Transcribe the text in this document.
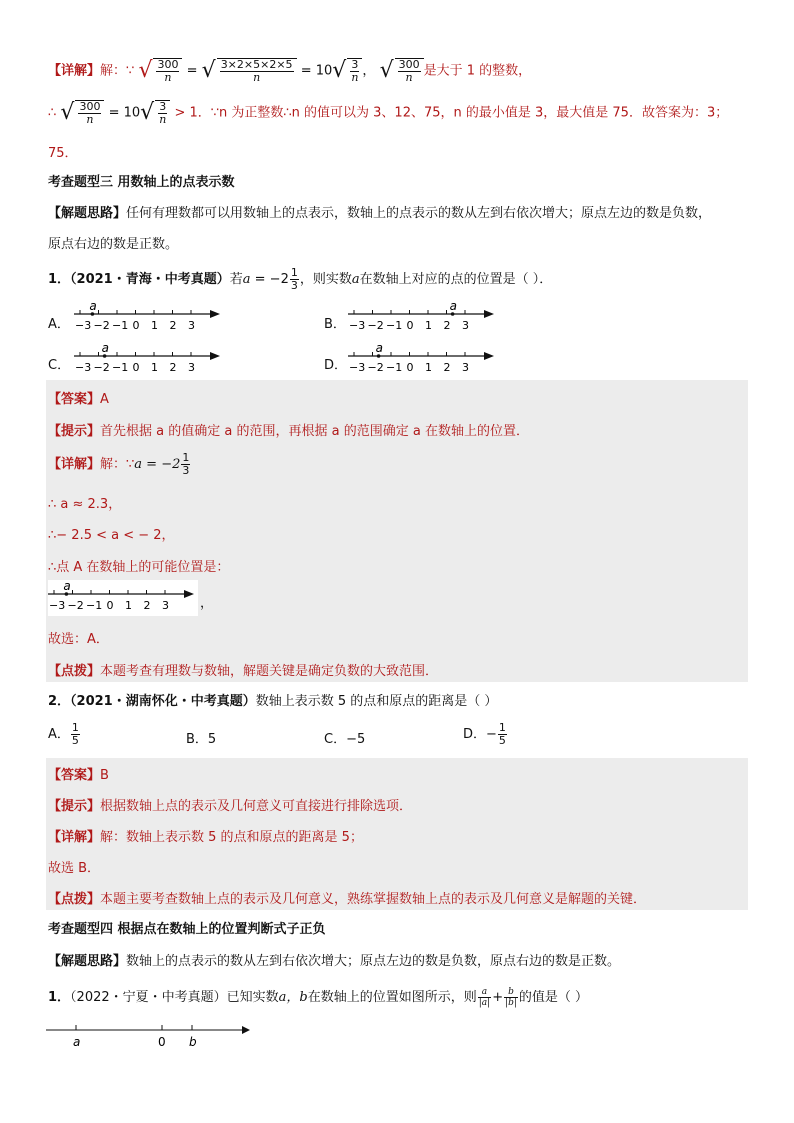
【详解】解：∵ √ $\frac{300}{n}$ = √ $\frac{3\times 2\times 5\times 2\times 5}{n} = 10√ \frac{3}{n}$ ， √ $\frac{300}{n}$ 是大于 1 的整数，
∴ √ $\frac{300}{n} = 10√ \frac{3}{n} > 1$．∵n 为正整数∴n 的值可以为 3、12、75，n 的最小值是 3，最大值是 75．故答案为：3；
75．
考查题型三 用数轴上的点表示数
【解题思路】任何有理数都可以用数轴上的点表示，数轴上的点表示的数从左到右依次增大；原点左边的数是负数，
原点右边的数是正数。
1．（2021・青海・中考真题）若$a = -2 \frac{1}{3}$ ，则实数a在数轴上对应的点的位置是（ ）．
A．
C．
B．
D．
−3 −2 −1 0 1 2 3
a
−3 −2 −1 0 1 2 3
a
−3 −2 −1 0 1 2 3
a
−3 −2 −1 0 1 2 3
a
【答案】A
【提示】首先根据 a 的值确定 a 的范围，再根据 a 的范围确定 a 在数轴上的位置．
【详解】解：∵a = $-2 \frac{1}{3}$
∴ a ≈ 2.3，
∴− 2.5 < a < − 2，
∴点 A 在数轴上的可能位置是：
−3 −2 −1 0 1 2 3
a
，
故选：A．
【点拨】本题考查有理数与数轴，解题关键是确定负数的大致范围．
2．（2021・湖南怀化・中考真题）数轴上表示数 5 的点和原点的距离是（ ）
A． $\frac{1}{5}$	B．5	C．−5	D．− $\frac{1}{5}$
【答案】B
【提示】根据数轴上点的表示及几何意义可直接进行排除选项．
【详解】解：数轴上表示数 5 的点和原点的距离是 5；
故选 B．
【点拨】本题主要考查数轴上点的表示及几何意义，熟练掌握数轴上点的表示及几何意义是解题的关键．
考查题型四 根据点在数轴上的位置判断式子正负
【解题思路】数轴上的点表示的数从左到右依次增大；原点左边的数是负数，原点右边的数是正数。
1．（2022・宁夏・中考真题）已知实数a，b在数轴上的位置如图所示，则 $\frac{a}{|a|} + \frac{b}{|b|}$ 的值是（ ）
a	0 b
